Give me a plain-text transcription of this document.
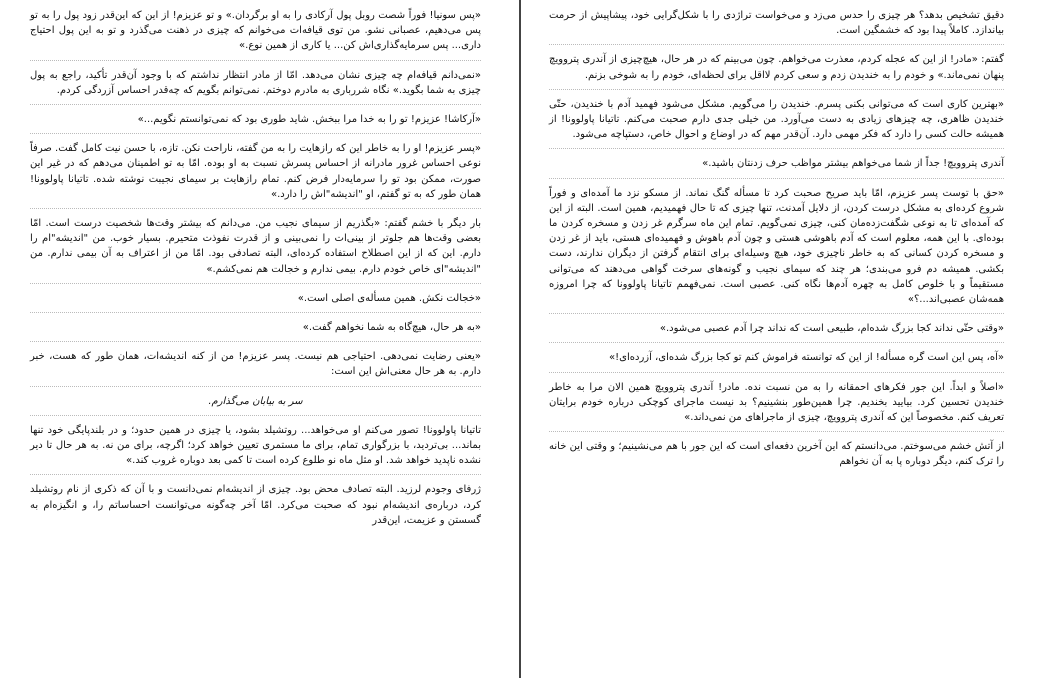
دقیق تشخیص بدهد؟ هر چیزی را حدس می‌زد و می‌خواست تراژدی را با شکل‌گرایی خود، پیشاپیش از حرمت بیاندازد. کاملاً پیدا بود که خشمگین است.

گفتم: «مادر! از این که عجله کردم، معذرت می‌خواهم. چون می‌بینم که در هر حال، هیچ‌چیزی از آندری پتروویچ پنهان نمی‌ماند.» و خودم را به خندیدن زدم و سعی کردم لااقل برای لحظه‌ای، خودم را به شوخی بزنم.

«بهترین کاری است که می‌توانی بکنی پسرم. خندیدن را می‌گویم. مشکل می‌شود فهمید آدم با خندیدن، حتّی خندیدن ظاهری، چه چیزهای زیادی به دست می‌آورد. من خیلی جدی دارم صحبت می‌کنم. تاتیانا پاولوونا! از همیشه حالت کسی را دارد که فکر مهمی دارد. آن‌قدر مهم که در اوضاع و احوال خاص، دستپاچه می‌شود.

آندری پتروویچ! جداً از شما می‌خواهم بیشتر مواظب حرف زدنتان باشید.»

«حق با توست پسر عزیزم، امّا باید صریح صحبت کرد تا مسأله گنگ نماند. از مسکو نزد ما آمده‌ای و فوراً شروع کرده‌ای به مشکل درست کردن، از دلایل آمدنت، تنها چیزی که تا حال فهمیدیم، همین است. البته از این که آمده‌ای تا به نوعی شگفت‌زده‌مان کنی، چیزی نمی‌گویم. تمام این ماه سرگرم غر زدن و مسخره کردن ما بوده‌ای. با این همه، معلوم است که آدم باهوشی هستی و چون آدم باهوش و فهمیده‌ای هستی، باید از غر زدن و مسخره کردن کسانی که به خاطر ناچیزی خود، هیچ وسیله‌ای برای انتقام گرفتن از دیگران ندارند، دست بکشی. همیشه دم فرو می‌بندی؛ هر چند که سیمای نجیب و گونه‌های سرخت گواهی می‌دهند که می‌توانی مستقیماً و با خلوص کامل به چهره آدم‌ها نگاه کنی. عصبی است. نمی‌فهمم تاتیانا پاولوونا که چرا امروزه همه‌شان عصبی‌اند...؟»

«وقتی حتّی نداند کجا بزرگ شده‌ام، طبیعی است که نداند چرا آدم عصبی می‌شود.»

«آه، پس این است گره مسأله! از این که توانسته فراموش کنم تو کجا بزرگ شده‌ای، آزرده‌ای!»

«اصلاً و ابداً. این جور فکرهای احمقانه را به من نسبت نده. مادر! آندری پتروویچ همین الان مرا به خاطر خندیدن تحسین کرد. بیایید بخندیم. چرا همین‌طور بنشینیم؟ بد نیست ماجرای کوچکی درباره خودم برایتان تعریف کنم. مخصوصاً این که آندری پتروویچ، چیزی از ماجراهای من نمی‌داند.»

از آتش خشم می‌سوختم. می‌دانستم که این آخرین دفعه‌ای است که این جور با هم می‌نشینیم؛ و وقتی این خانه را ترک کنم، دیگر دوباره پا به آن نخواهم

«پس سونیا! فوراً شصت روبل پول آرکادی را به او برگردان.» و تو عزیزم! از این که این‌قدر زود پول را به تو پس می‌دهیم، عصبانی نشو. من توی قیافه‌ات می‌خوانم که چیزی در ذهنت می‌گذرد و تو به این پول احتیاج داری... پس سرمایه‌گذاری‌اش کن... یا کاری از همین نوع.»

«نمی‌دانم قیافه‌ام چه چیزی نشان می‌دهد. امّا از مادر انتظار نداشتم که با وجود آن‌قدر تأکید، راجع به پول چیزی به شما بگوید.» نگاه شررباری به مادرم دوختم. نمی‌توانم بگویم که چه‌قدر احساس آزردگی کردم.

«آرکاشا! عزیزم! تو را به خدا مرا ببخش. شاید طوری بود که نمی‌توانستم نگویم...»

«پسر عزیزم! او را به خاطر این که رازهایت را به من گفته، ناراحت نکن. تازه، با حسن نیت کامل گفت. صرفاً نوعی احساس غرور مادرانه از احساس پسرش نسبت به او بوده. امّا به تو اطمینان می‌دهم که در غیر این صورت، ممکن بود تو را سرمایه‌دار فرض کنم. تمام رازهایت بر سیمای نجیبت نوشته شده. تاتیانا پاولوونا! همان طور که به تو گفتم، او "اندیشه"اش را دارد.»

بار دیگر با خشم گفتم: «بگذریم از سیمای نجیب من. می‌دانم که بیشتر وقت‌ها شخصیت درست است. امّا بعضی وقت‌ها هم جلوتر از بینی‌ات را نمی‌بینی و از قدرت نفوذت متحیرم. بسیار خوب. من "اندیشه"ام را دارم. این که از این اصطلاح استفاده کرده‌ای، البته تصادفی بود. امّا من از اعتراف به آن بیمی ندارم. من "اندیشه"ای خاص خودم دارم. بیمی ندارم و خجالت هم نمی‌کشم.»

«خجالت نکش. همین مسأله‌ی اصلی است.»

«به هر حال، هیچ‌گاه به شما نخواهم گفت.»

«یعنی رضایت نمی‌دهی. احتیاجی هم نیست. پسر عزیزم! من از کنه اندیشه‌ات، همان طور که هست، خبر دارم. به هر حال معنی‌اش این است:

سر به بیابان می‌گذارم.

تاتیانا پاولوونا! تصور می‌کنم او می‌خواهد... روتشیلد بشود، یا چیزی در همین حدود؛ و در بلندپایگی خود تنها بماند... بی‌تردید، با بزرگواری تمام، برای ما مستمری تعیین خواهد کرد؛ اگرچه، برای من نه. به هر حال تا دیر نشده ناپدید خواهد شد. او مثل ماه نو طلوع کرده است تا کمی بعد دوباره غروب کند.»

ژرفای وجودم لرزید. البته تصادف محض بود. چیزی از اندیشه‌ام نمی‌دانست و با آن که ذکری از نام روتشیلد کرد، درباره‌ی اندیشه‌ام نبود که صحبت می‌کرد. امّا آخر چه‌گونه می‌توانست احساساتم را، و انگیزه‌ام به گسستن و عزیمت، این‌قدر
